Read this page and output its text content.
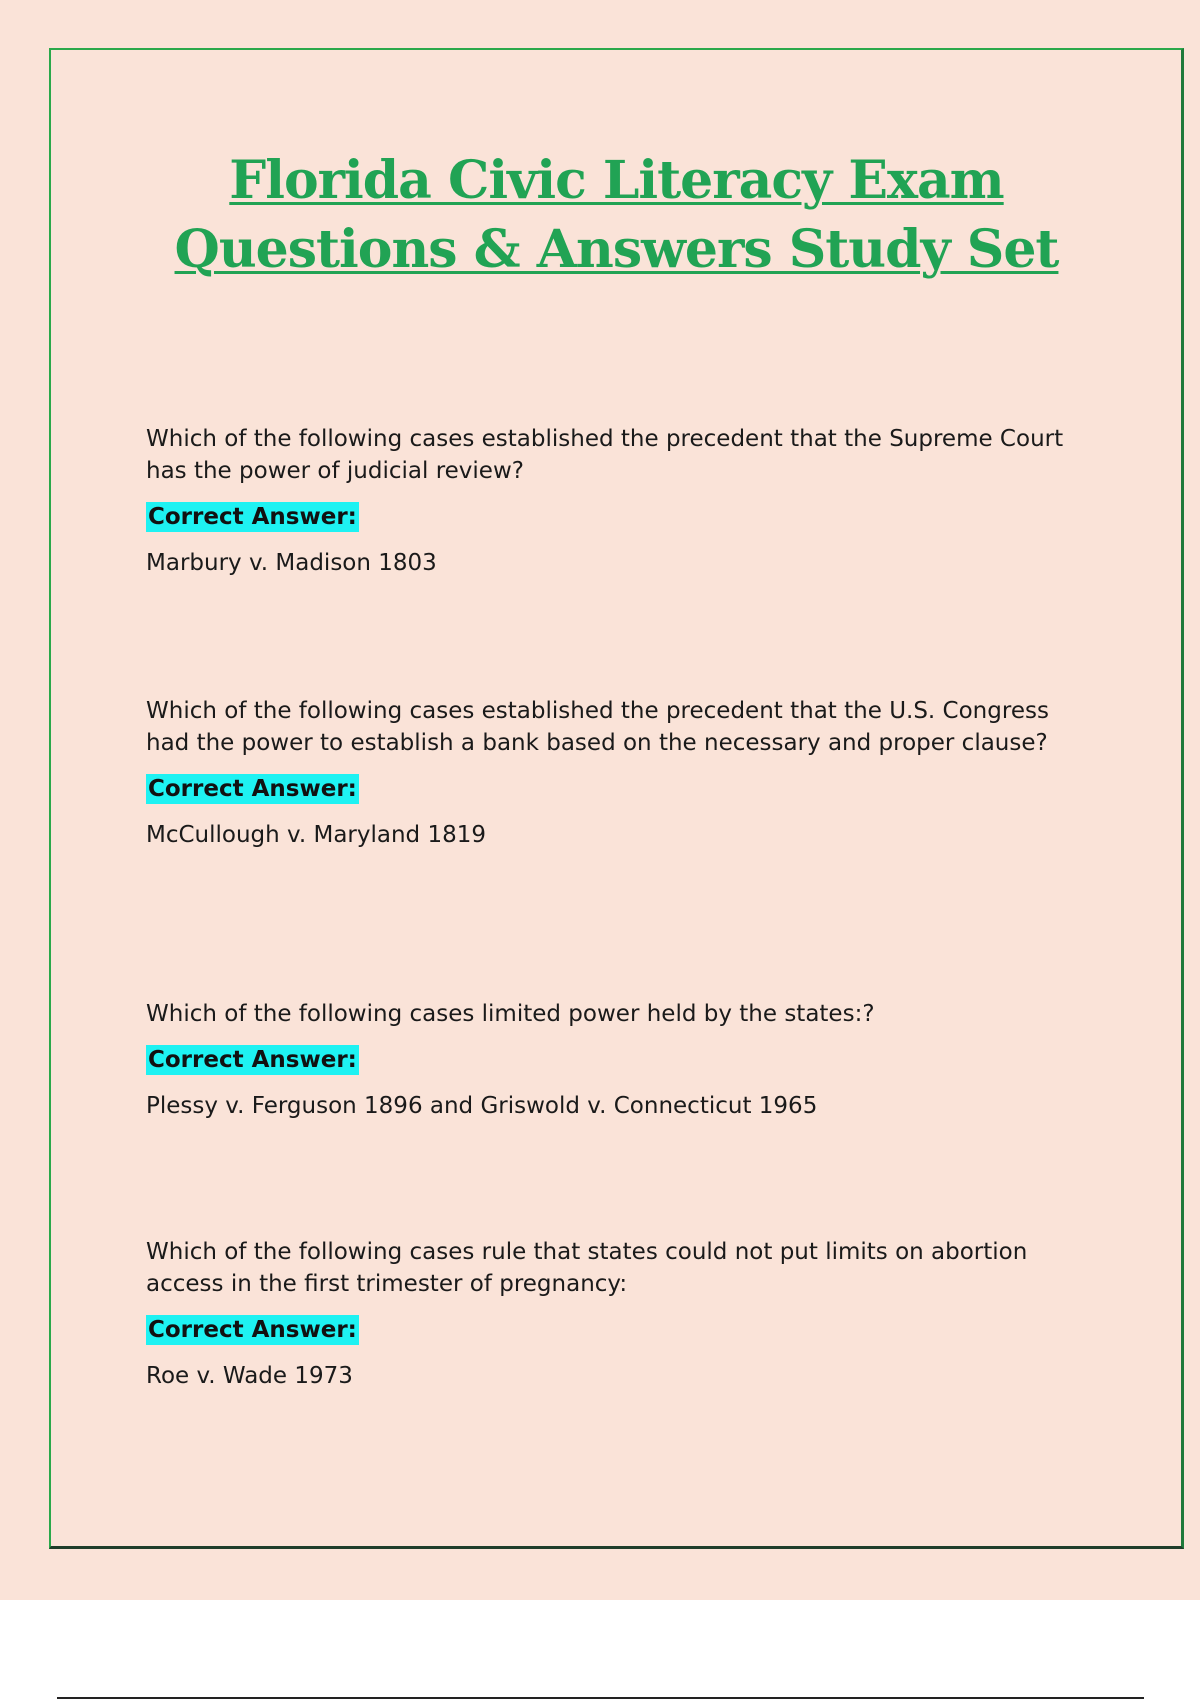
Florida Civic Literacy Exam
Questions & Answers Study Set

Which of the following cases established the precedent that the Supreme Court has the power of judicial review?

Correct Answer:
Marbury v. Madison 1803

Which of the following cases established the precedent that the U.S. Congress had the power to establish a bank based on the necessary and proper clause?

Correct Answer:
McCullough v. Maryland 1819

Which of the following cases limited power held by the states:?

Correct Answer:
Plessy v. Ferguson 1896 and Griswold v. Connecticut 1965

Which of the following cases rule that states could not put limits on abortion access in the first trimester of pregnancy:

Correct Answer:
Roe v. Wade 1973
